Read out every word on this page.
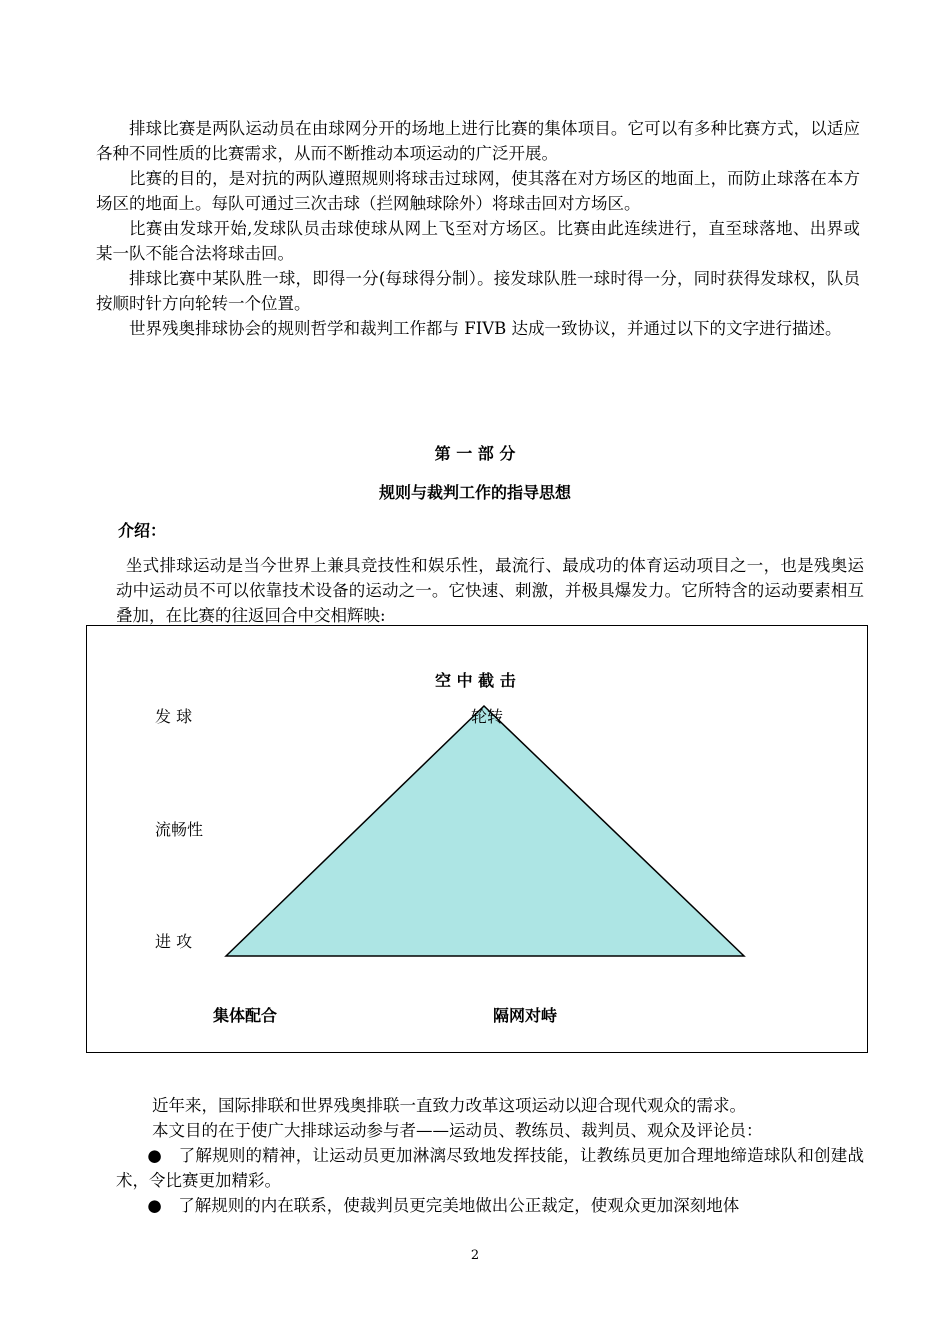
排球比赛是两队运动员在由球网分开的场地上进行比赛的集体项目。它可以有多种比赛方式，以适应各种不同性质的比赛需求，从而不断推动本项运动的广泛开展。

比赛的目的，是对抗的两队遵照规则将球击过球网，使其落在对方场区的地面上，而防止球落在本方场区的地面上。每队可通过三次击球（拦网触球除外）将球击回对方场区。

比赛由发球开始,发球队员击球使球从网上飞至对方场区。比赛由此连续进行，直至球落地、出界或某一队不能合法将球击回。

排球比赛中某队胜一球，即得一分(每球得分制）。接发球队胜一球时得一分，同时获得发球权，队员按顺时针方向轮转一个位置。

世界残奥排球协会的规则哲学和裁判工作都与 FIVB 达成一致协议，并通过以下的文字进行描述。

第 一 部 分
规则与裁判工作的指导思想
介绍：

坐式排球运动是当今世界上兼具竞技性和娱乐性，最流行、最成功的体育运动项目之一，也是残奥运动中运动员不可以依靠技术设备的运动之一。它快速、刺激，并极具爆发力。它所特含的运动要素相互叠加，在比赛的往返回合中交相辉映:

空 中 截 击
发 球	轮转
流畅性
进 攻
集体配合	隔网对峙

近年来，国际排联和世界残奥排联一直致力改革这项运动以迎合现代观众的需求。

本文目的在于使广大排球运动参与者——运动员、教练员、裁判员、观众及评论员：

●　了解规则的精神，让运动员更加淋漓尽致地发挥技能，让教练员更加合理地缔造球队和创建战术，令比赛更加精彩。

●　了解规则的内在联系，使裁判员更完美地做出公正裁定，使观众更加深刻地体

2
